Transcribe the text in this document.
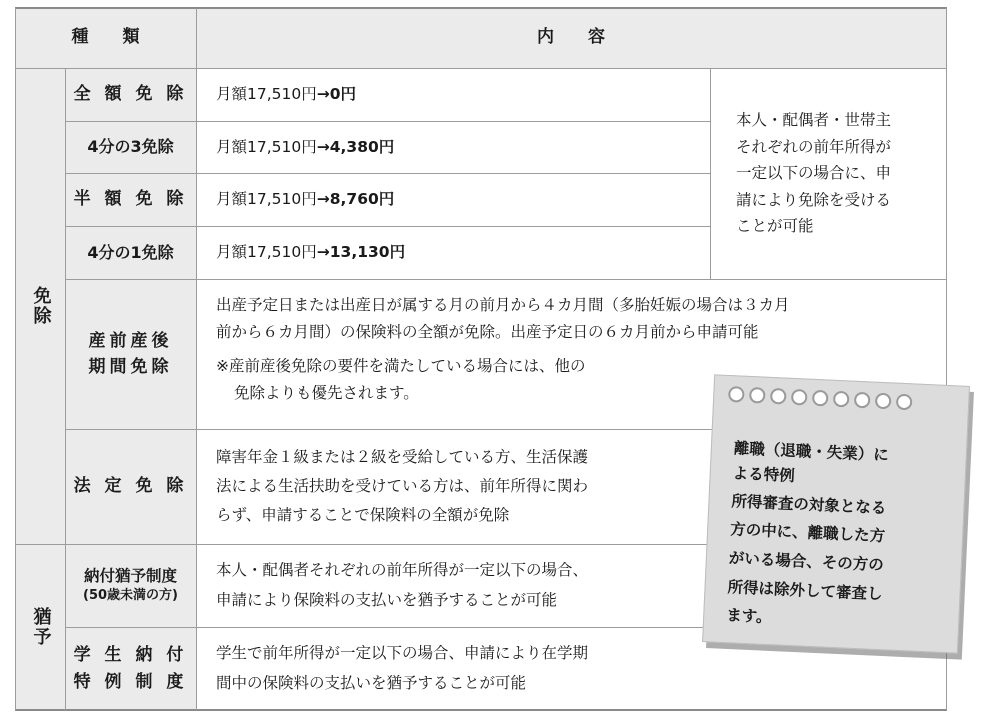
種　　類	内　　容
免除
猶予
全 額 免 除
4分の3免除
半 額 免 除
4分の1免除
産前産後
期間免除
法 定 免 除
納付猶予制度
(50歳未満の方)
学 生 納 付
特 例 制 度
月額17,510円 → 0円
月額17,510円 → 4,380円
月額17,510円 → 8,760円
月額17,510円 → 13,130円
本人・配偶者・世帯主
それぞれの前年所得が
一定以下の場合に、申
請により免除を受ける
ことが可能
出産予定日または出産日が属する月の前月から４カ月間（多胎妊娠の場合は３カ月
前から６カ月間）の保険料の全額が免除。出産予定日の６カ月前から申請可能
※産前産後免除の要件を満たしている場合には、他の
免除よりも優先されます。
障害年金１級または２級を受給している方、生活保護
法による生活扶助を受けている方は、前年所得に関わ
らず、申請することで保険料の全額が免除
本人・配偶者それぞれの前年所得が一定以下の場合、
申請により保険料の支払いを猶予することが可能
学生で前年所得が一定以下の場合、申請により在学期
間中の保険料の支払いを猶予することが可能
離職（退職・失業）に
よる特例
所得審査の対象となる
方の中に、離職した方
がいる場合、その方の
所得は除外して審査し
ます。
